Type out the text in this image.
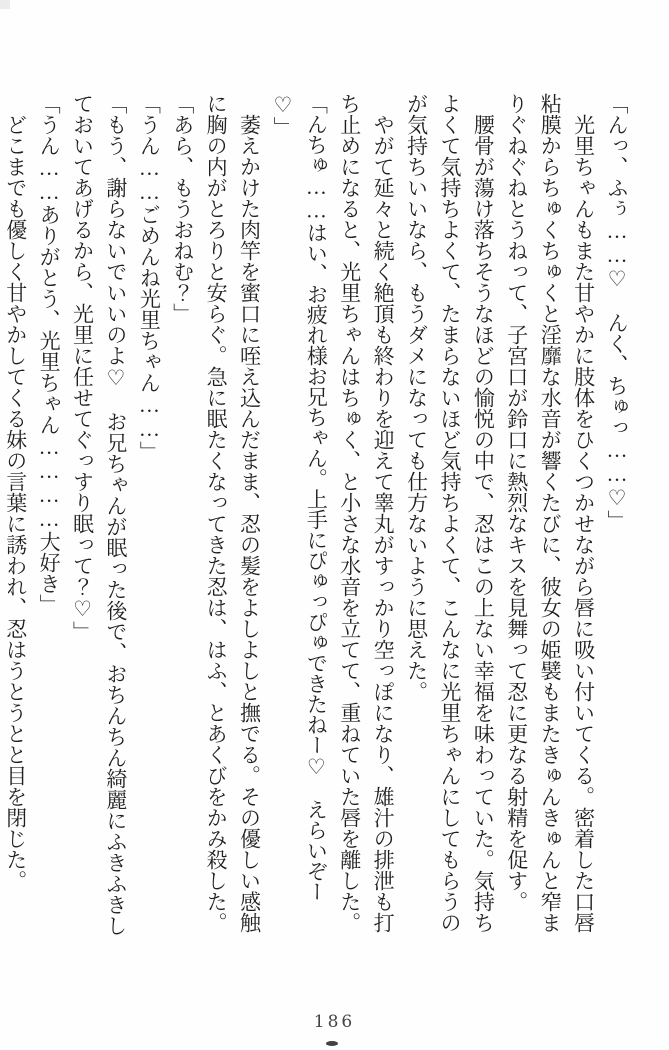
「んっ、ふぅ……♡　んく、ちゅっ……♡」

光里ちゃんもまた甘やかに肢体をひくつかせながら唇に吸い付いてくる。密着した口唇粘膜からちゅくちゅくと淫靡な水音が響くたびに、彼女の姫襞もまたきゅんきゅんと窄まりぐねぐねとうねって、子宮口が鈴口に熱烈なキスを見舞って忍に更なる射精を促す。

腰骨が蕩け落ちそうなほどの愉悦の中で、忍はこの上ない幸福を味わっていた。気持ちよくて気持ちよくて、たまらないほど気持ちよくて、こんなに光里ちゃんにしてもらうのが気持ちいいなら、もうダメになっても仕方ないように思えた。

やがて延々と続く絶頂も終わりを迎えて睾丸がすっかり空っぽになり、雄汁の排泄も打ち止めになると、光里ちゃんはちゅく、と小さな水音を立てて、重ねていた唇を離した。

「んちゅ……はい、お疲れ様お兄ちゃん。上手にぴゅっぴゅできたねー♡　えらいぞー♡」

萎えかけた肉竿を蜜口に咥え込んだまま、忍の髪をよしよしと撫でる。その優しい感触に胸の内がとろりと安らぐ。急に眠たくなってきた忍は、はふ、とあくびをかみ殺した。

「あら、もうおねむ？」

「うん……ごめんね光里ちゃん……」

「もう、謝らないでいいのよ♡　お兄ちゃんが眠った後で、おちんちん綺麗にふきふきしておいてあげるから、光里に任せてぐっすり眠って？♡」

「うん……ありがとう、光里ちゃん…………大好き」

どこまでも優しく甘やかしてくる妹の言葉に誘われ、忍はうとうとと目を閉じた。

186
